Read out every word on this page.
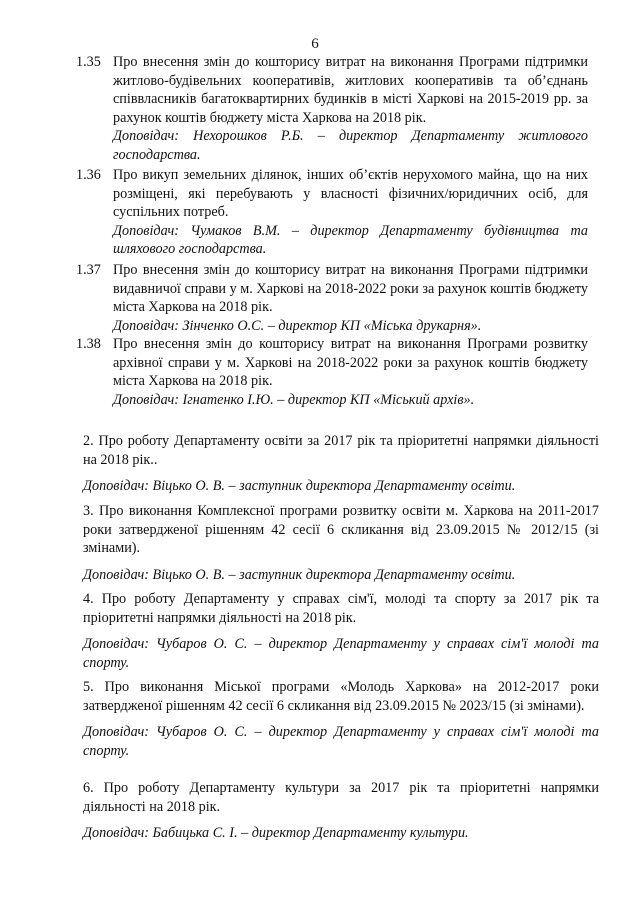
6
1.35 Про внесення змін до кошторису витрат на виконання Програми підтримки житлово-будівельних кооперативів, житлових кооперативів та об’єднань співвласників багатоквартирних будинків в місті Харкові на 2015-2019 рр. за рахунок коштів бюджету міста Харкова на 2018 рік.

Доповідач: Нехорошков Р.Б. – директор Департаменту житлового господарства.

1.36 Про викуп земельних ділянок, інших об’єктів нерухомого майна, що на них розміщені, які перебувають у власності фізичних/юридичних осіб, для суспільних потреб.

Доповідач: Чумаков В.М. – директор Департаменту будівництва та шляхового господарства.

1.37 Про внесення змін до кошторису витрат на виконання Програми підтримки видавничої справи у м. Харкові на 2018-2022 роки за рахунок коштів бюджету міста Харкова на 2018 рік.

Доповідач: Зінченко О.С. – директор КП «Міська друкарня».

1.38 Про внесення змін до кошторису витрат на виконання Програми розвитку архівної справи у м. Харкові на 2018-2022 роки за рахунок коштів бюджету міста Харкова на 2018 рік.

Доповідач: Ігнатенко І.Ю. – директор КП «Міський архів».

2. Про роботу Департаменту освіти за 2017 рік та пріоритетні напрямки діяльності на 2018 рік..

Доповідач: Віцько О. В. – заступник директора Департаменту освіти.

3. Про виконання Комплексної програми розвитку освіти м. Харкова на 2011-2017 роки затвердженої рішенням 42 сесії 6 скликання від 23.09.2015 № 2012/15 (зі змінами).

Доповідач: Віцько О. В. – заступник директора Департаменту освіти.

4. Про роботу Департаменту у справах сім'ї, молоді та спорту за 2017 рік та пріоритетні напрямки діяльності на 2018 рік.

Доповідач: Чубаров О. С. – директор Департаменту у справах сім'ї молоді та спорту.

5. Про виконання Міської програми «Молодь Харкова» на 2012-2017 роки затвердженої рішенням 42 сесії 6 скликання від 23.09.2015 № 2023/15 (зі змінами).

Доповідач: Чубаров О. С. – директор Департаменту у справах сім'ї молоді та спорту.

6. Про роботу Департаменту культури за 2017 рік та пріоритетні напрямки діяльності на 2018 рік.

Доповідач: Бабицька С. І. – директор Департаменту культури.
